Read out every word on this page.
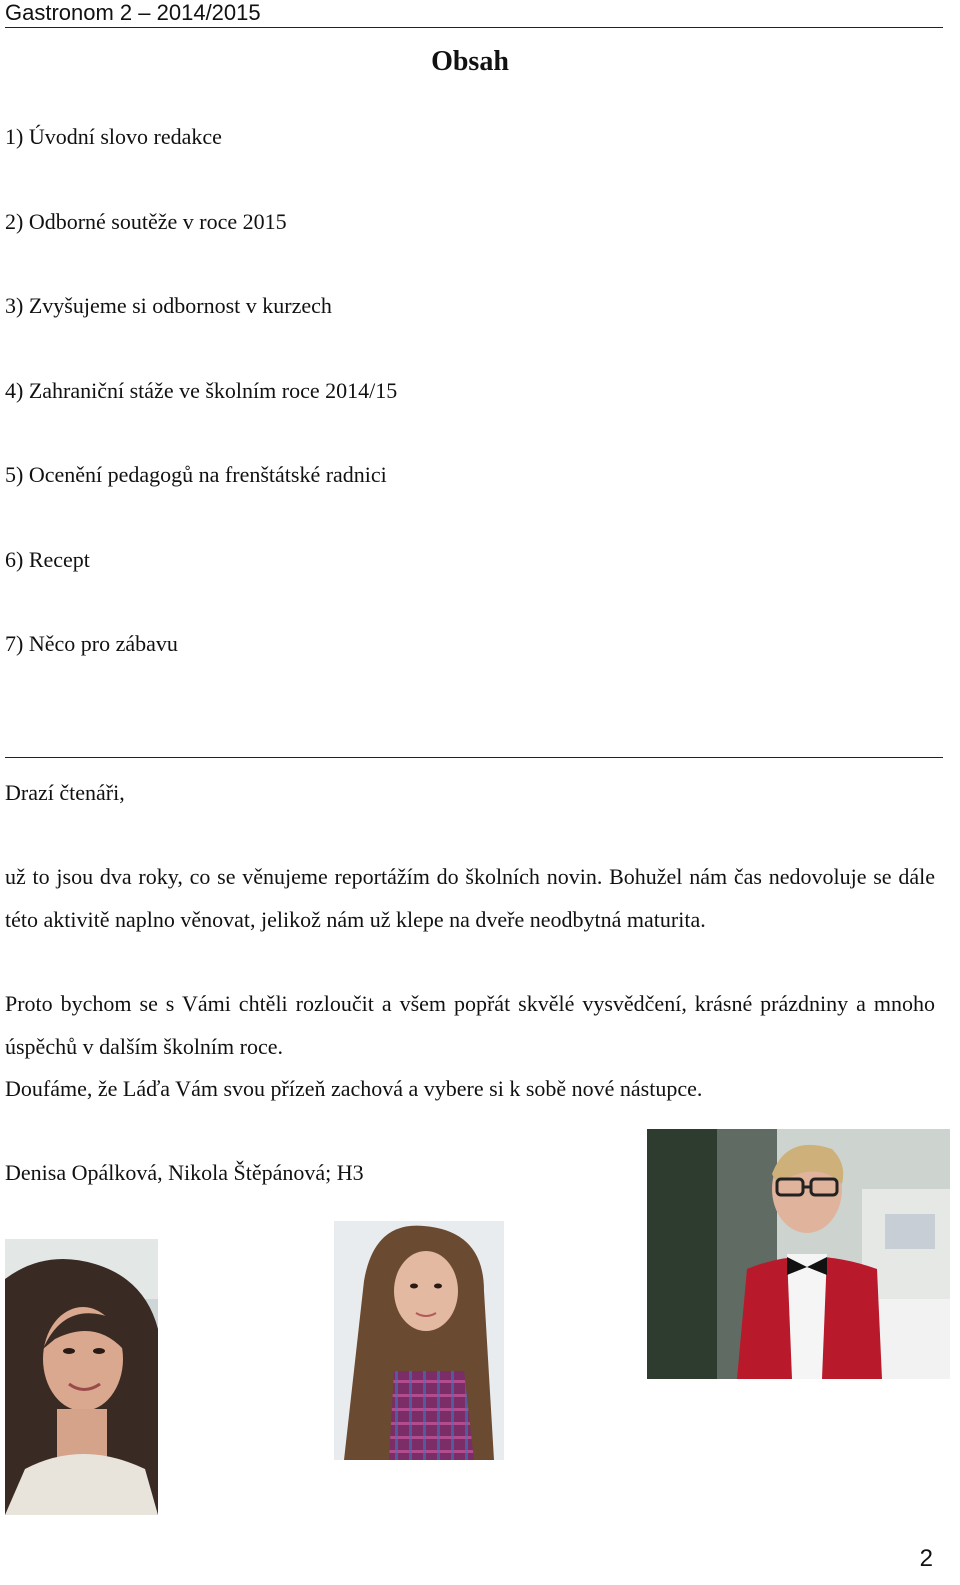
Gastronom 2 – 2014/2015
Obsah
1) Úvodní slovo redakce
2) Odborné soutěže v roce 2015
3) Zvyšujeme si odbornost v kurzech
4) Zahraniční stáže ve školním roce 2014/15
5) Ocenění pedagogů na frenštátské radnici
6) Recept
7) Něco pro zábavu

Drazí čtenáři,

už to jsou dva roky, co se věnujeme reportážím do školních novin. Bohužel nám čas nedovoluje se dále této aktivitě naplno věnovat, jelikož nám už klepe na dveře neodbytná maturita.

Proto bychom se s Vámi chtěli rozloučit a všem popřát skvělé vysvědčení, krásné prázdniny a mnoho úspěchů v dalším školním roce.

Doufáme, že Láďa Vám svou přízeň zachová a vybere si k sobě nové nástupce.

Denisa Opálková, Nikola Štěpánová; H3

2
